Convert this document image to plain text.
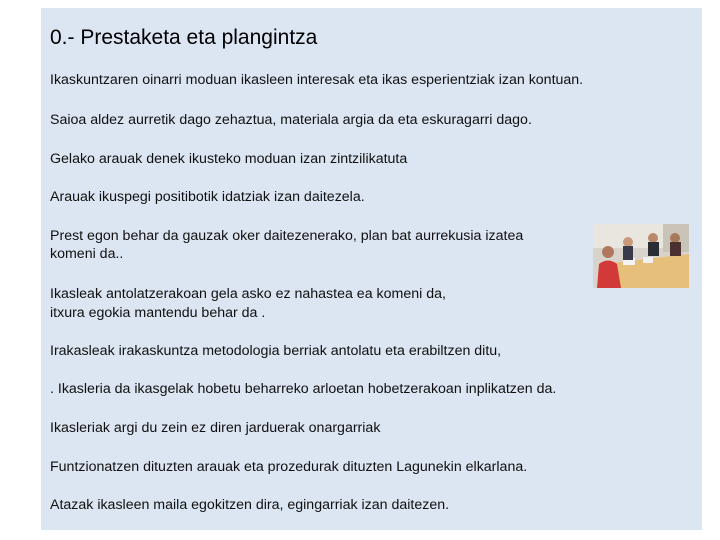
0.- Prestaketa eta plangintza

Ikaskuntzaren oinarri moduan ikasleen interesak eta ikas esperientziak izan kontuan.

Saioa aldez aurretik dago zehaztua, materiala argia da eta eskuragarri dago.

Gelako arauak denek ikusteko moduan izan zintzilikatuta

Arauak ikuspegi positibotik idatziak izan daitezela.

Prest egon behar da gauzak oker daitezenerako, plan bat aurrekusia izatea

komeni da..

Ikasleak antolatzerakoan gela asko ez nahastea ea komeni da,

itxura egokia mantendu behar da .

Irakasleak irakaskuntza metodologia berriak antolatu eta erabiltzen ditu,

. Ikasleria da ikasgelak hobetu beharreko arloetan hobetzerakoan inplikatzen da.

Ikasleriak argi du zein ez diren jarduerak onargarriak

Funtzionatzen dituzten arauak eta prozedurak dituzten Lagunekin elkarlana.

Atazak ikasleen maila egokitzen dira, egingarriak izan daitezen.
